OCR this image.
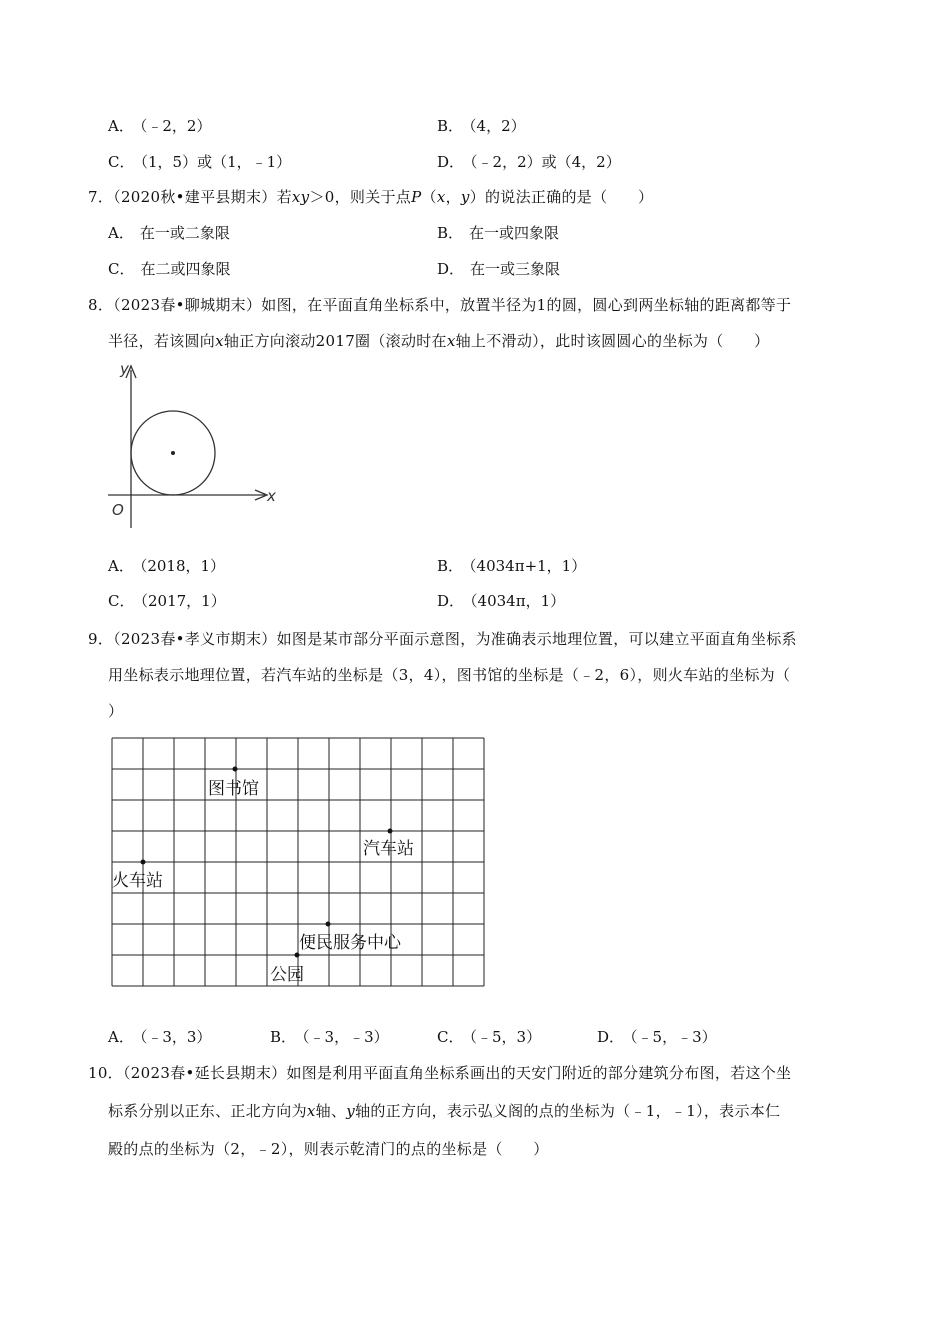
A． （﹣2，2）	B． （4，2）
C． （1，5）或（1，﹣1）	D． （﹣2，2）或（4，2）
7．（2020秋•建平县期末）若xy＞0，则关于点P（x，y）的说法正确的是（　　）
A． 在一或二象限	B． 在一或四象限
C． 在二或四象限	D． 在一或三象限
8．（2023春•聊城期末）如图，在平面直角坐标系中，放置半径为1的圆，圆心到两坐标轴的距离都等于
半径，若该圆向x轴正方向滚动2017圈（滚动时在x轴上不滑动），此时该圆圆心的坐标为（　　）
y
x
O
A． （2018，1）	B． （4034π+1，1）
C． （2017，1）	D． （4034π，1）
9．（2023春•孝义市期末）如图是某市部分平面示意图，为准确表示地理位置，可以建立平面直角坐标系
用坐标表示地理位置，若汽车站的坐标是（3，4），图书馆的坐标是（﹣2，6），则火车站的坐标为（
）
图书馆
汽车站
火车站
便民服务中心
公园
A． （﹣3，3）	B． （﹣3，﹣3）	C． （﹣5，3）	D． （﹣5，﹣3）
10．（2023春•延长县期末）如图是利用平面直角坐标系画出的天安门附近的部分建筑分布图，若这个坐
标系分别以正东、正北方向为x轴、y轴的正方向，表示弘义阁的点的坐标为（﹣1，﹣1），表示本仁
殿的点的坐标为（2，﹣2），则表示乾清门的点的坐标是（　　）
